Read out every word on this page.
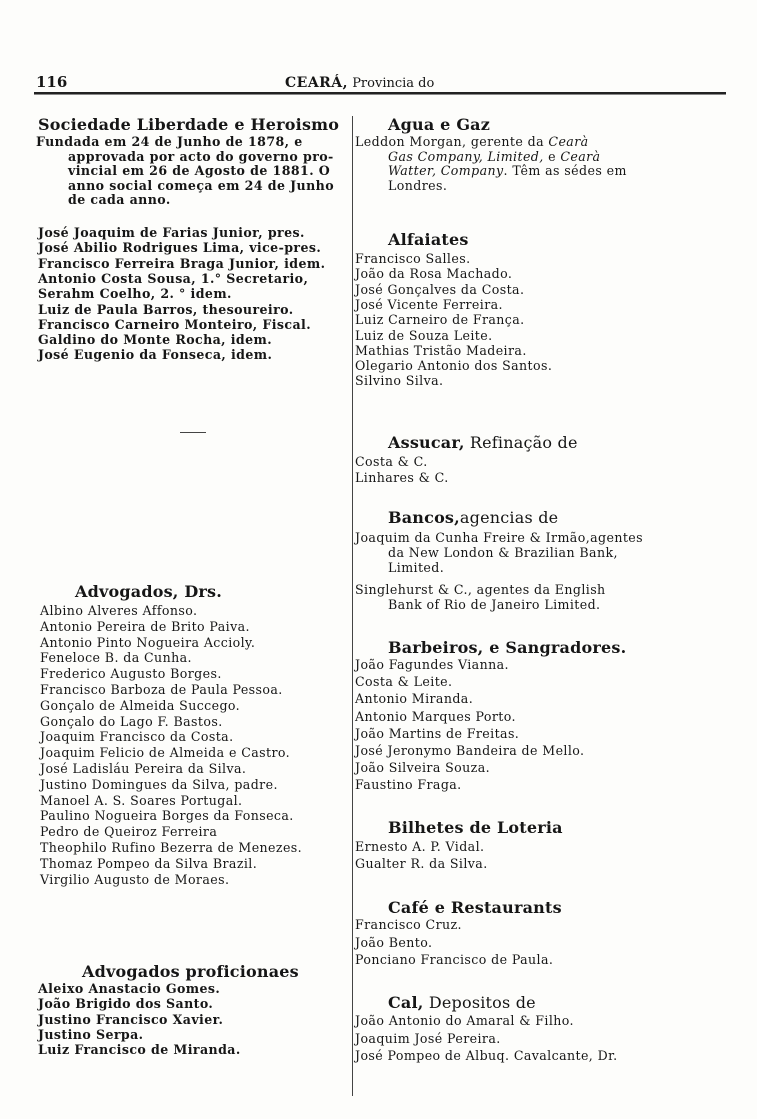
116	CEARÁ, Provincia do
Sociedade Liberdade e Heroismo
Fundada em 24 de Junho de 1878, e
approvada por acto do governo pro-
vincial em 26 de Agosto de 1881. O
anno social começa em 24 de Junho
de cada anno.
José Joaquim de Farias Junior, pres.
José Abilio Rodrigues Lima, vice-pres.
Francisco Ferreira Braga Junior, idem.
Antonio Costa Sousa, 1.° Secretario,
Serahm Coelho, 2. ° idem.
Luiz de Paula Barros, thesoureiro.
Francisco Carneiro Monteiro, Fiscal.
Galdino do Monte Rocha, idem.
José Eugenio da Fonseca, idem.
Advogados, Drs.
Albino Alveres Affonso.
Antonio Pereira de Brito Paiva.
Antonio Pinto Nogueira Accioly.
Feneloce B. da Cunha.
Frederico Augusto Borges.
Francisco Barboza de Paula Pessoa.
Gonçalo de Almeida Succego.
Gonçalo do Lago F. Bastos.
Joaquim Francisco da Costa.
Joaquim Felicio de Almeida e Castro.
José Ladisláu Pereira da Silva.
Justino Domingues da Silva, padre.
Manoel A. S. Soares Portugal.
Paulino Nogueira Borges da Fonseca.
Pedro de Queiroz Ferreira
Theophilo Rufino Bezerra de Menezes.
Thomaz Pompeo da Silva Brazil.
Virgilio Augusto de Moraes.
Advogados proficionaes
Aleixo Anastacio Gomes.
João Brigido dos Santo.
Justino Francisco Xavier.
Justino Serpa.
Luiz Francisco de Miranda.
Agua e Gaz
Leddon Morgan, gerente da Cearà
Gas Company, Limited, e Cearà
Watter, Company. Têm as sédes em
Londres.
Alfaiates
Francisco Salles.
João da Rosa Machado.
José Gonçalves da Costa.
José Vicente Ferreira.
Luiz Carneiro de França.
Luiz de Souza Leite.
Mathias Tristão Madeira.
Olegario Antonio dos Santos.
Silvino Silva.
Assucar, Refinação de
Costa & C.
Linhares & C.
Bancos,agencias de
Joaquim da Cunha Freire & Irmão,agentes
da New London & Brazilian Bank,
Limited.
Singlehurst & C., agentes da English
Bank of Rio de Janeiro Limited.
Barbeiros, e Sangradores.
João Fagundes Vianna.
Costa & Leite.
Antonio Miranda.
Antonio Marques Porto.
João Martins de Freitas.
José Jeronymo Bandeira de Mello.
João Silveira Souza.
Faustino Fraga.
Bilhetes de Loteria
Ernesto A. P. Vidal.
Gualter R. da Silva.
Café e Restaurants
Francisco Cruz.
João Bento.
Ponciano Francisco de Paula.
Cal, Depositos de
João Antonio do Amaral & Filho.
Joaquim José Pereira.
José Pompeo de Albuq. Cavalcante, Dr.
